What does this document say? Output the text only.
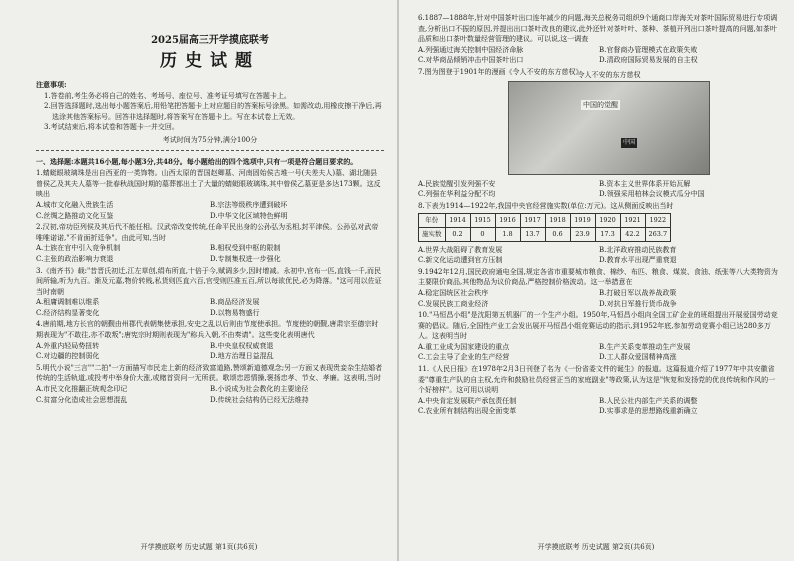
2025届高三开学摸底联考
历史试题
注意事项:
1.答卷前,考生务必将自己的姓名、考场号、座位号、准考证号填写在答题卡上。
2.回答选择题时,选出每小题答案后,用铅笔把答题卡上对应题目的答案标号涂黑。如需改动,用橡皮擦干净后,再选涂其他答案标号。回答非选择题时,将答案写在答题卡上。写在本试卷上无效。
3.考试结束后,将本试卷和答题卡一并交回。
考试时间为75分钟,满分100分
一、选择题:本题共16小题,每小题3分,共48分。每小题给出的四个选项中,只有一项是符合题目要求的。
1.蜻蜓眼玻璃珠是出自西亚的一类饰物。山西太原的晋国赵卿墓、河南固始侯古堆一号(夫差夫人)墓、湖北随县曾侯乙及其夫人墓等一批春秋战国时期的墓葬都出土了大量的蜻蜓眼玻璃珠,其中曾侯乙墓更是多达173颗。这反映出
A.城市文化融入贵族生活	B.宗法等级秩序遭到破坏
C.丝绸之路推动文化互鉴	D.中华文化区域特色鲜明
2.汉初,帝功臣列侯及其后代不能任相。汉武帝改变传统,任命平民出身的公孙弘为丞相,封平津侯。公孙弘对武帝唯唯诺诺,"不肯面折廷争"。由此可知,当时
A.士族在官中引入竞争机制	B.相权受到中枢的限制
C.主张的政治影响力衰退	D.专制集权进一步强化
3.《南齐书》载:"昔晋氏初迁,江左草创,绢布所直,十倍于今,赋调多少,因时增减。永初中,官布一匹,直钱一千,而民间所输,听为九百。渐及元嘉,物价转贱,私货则匹直六百,官受则匹准五百,所以每欲优民,必为降落。"这可用以佐证当时南朝
A.租庸调制难以维系	B.商品经济发展
C.经济结构显著变化	D.以物易物盛行
4.唐前期,地方长官的朝觐由州郡代表朝集使承担,安史之乱以后则由节度使承担。节度使的朝觐,唐肃宗至德宗时期表现为"不敢往,亦不敢叛";唐宪宗时期则表现为"称兵入朝,不由奏请"。这些变化表明唐代
A.外重内轻局势扭转	B.中央皇权权威衰退
C.对边疆的控制弱化	D.地方治理日益混乱
5.明代小说"三言""二拍"一方面描写市民走上新的经济致富道路,赞颂新道德观念;另一方面又表现贵妾杂生结婚者传统的生活轨道,或投考中举身价大涨,或赌首资问一无所获。歌颂忠恩情操,褒扬忠孝、节女、孝廉。这表明,当时
A.市民文化推翻正统观念印记	B.小说成为社会教化的主要途径
C.贫富分化造成社会思想混乱	D.传统社会结构仍已经无法维持
开学摸底联考 历史试题 第1页(共6页)
6.1887—1888年,针对中国茶叶出口连年减少的问题,海关总税务司组织9个通商口岸海关对茶叶国际贸易进行专项调查,分析出口不振的原因,并提出出口茶叶改良的建议,此外还针对茶叶叶、茶种、茶植开列出口茶叶提高的问题,如茶叶品质和出口茶叶数量经营管理的建议。可以说,这一调查
A.列强通过海关控制中国经济命脉	B.官督商办管理模式在政策失败
C.对华商品倾销冲击中国茶叶出口	D.清政府国际贸易发展的自主权
7.图为图登于1901年的漫画《令人不安的东方慈权》
令人不安的东方慈权
中国的觉醒
中国
A.民族觉醒引发列强不安	B.资本主义世界体系开始瓦解
C.列强在华利益分配不均	D.领强采用柏林会议模式瓜分中国
8.下表为1914—1922年,我国中央官经营施实数(单位:万元)。这从侧面反映出当时
年份	1914	1915	1916	1917	1918	1919	1920	1921	1922
施实数	0.2	0	1.8	13.7	0.6	23.9	17.3	42.2	263.7
A.世界大战阻碍了教育发展	B.北洋政府推动民族教育
C.新文化运动遭到官方压制	D.教育水平出现严重衰退
9.1942年12月,国民政府通电全国,规定各省市重要城市粮食、棉纱、布匹、粮食、煤炭、食油、纸张等八大类物资为主要限价商品,其他物品为议价商品,严格控制价格波动。这一举措意在
A.稳定国统区社会秩序	B.打破日军以战养战政策
C.发展民族工商业经济	D.对抗日军推行货币战争
10."马恒昌小组"是沈阳第五机器厂的一个生产小组。1950年,马恒昌小组向全国工矿企业的班组提出开展爱国劳动竞赛的倡议。随后,全国性产业工会发出展开马恒昌小组竞赛运动的指示,到1952年底,参加劳动竞赛小组已达280多万人。这表明当时
A.重工业成为国家建设的重点	B.生产关系变革推动生产发展
C.工会主导了企业的生产经营	D.工人群众爱国精神高涨
11.《人民日报》在1978年2月3日刊登了名为《一份省委文件的诞生》的报道。这篇报道介绍了1977年中共安徽省委"尊重生产队的自主权,允许和鼓励社员经营正当的家庭副业"等政策,认为这是"恢复和发扬党的优良传统和作风的一个好榜样"。这可用以说明
A.中央肯定发展联产承包责任制	B.人民公社内部生产关系的调整
C.农业所有制结构出现全面变革	D.实事求是的思想路线重新确立
开学摸底联考 历史试题 第2页(共6页)
